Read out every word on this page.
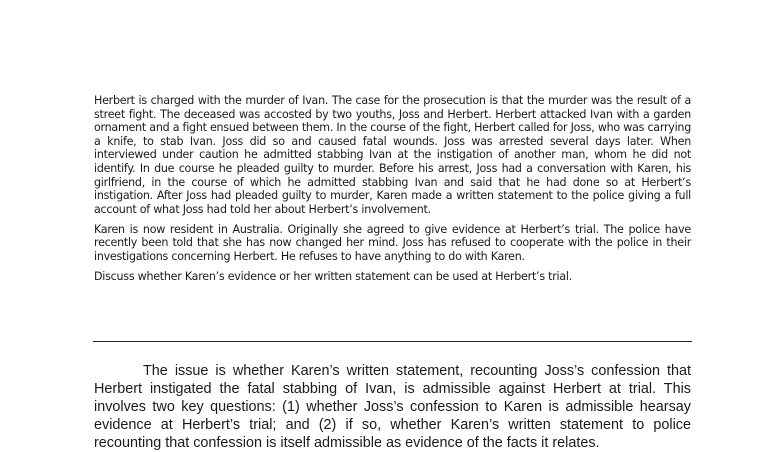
Herbert is charged with the murder of Ivan. The case for the prosecution is that the murder was the result of a street fight. The deceased was accosted by two youths, Joss and Herbert. Herbert attacked Ivan with a garden ornament and a fight ensued between them. In the course of the fight, Herbert called for Joss, who was carrying a knife, to stab Ivan. Joss did so and caused fatal wounds. Joss was arrested several days later. When interviewed under caution he admitted stabbing Ivan at the instigation of another man, whom he did not identify. In due course he pleaded guilty to murder. Before his arrest, Joss had a conversation with Karen, his girlfriend, in the course of which he admitted stabbing Ivan and said that he had done so at Herbert’s instigation. After Joss had pleaded guilty to murder, Karen made a written statement to the police giving a full account of what Joss had told her about Herbert’s involvement.

Karen is now resident in Australia. Originally she agreed to give evidence at Herbert’s trial. The police have recently been told that she has now changed her mind. Joss has refused to cooperate with the police in their investigations concerning Herbert. He refuses to have anything to do with Karen.

Discuss whether Karen’s evidence or her written statement can be used at Herbert’s trial.

The issue is whether Karen’s written statement, recounting Joss’s confession that Herbert instigated the fatal stabbing of Ivan, is admissible against Herbert at trial. This involves two key questions: (1) whether Joss’s confession to Karen is admissible hearsay evidence at Herbert’s trial; and (2) if so, whether Karen’s written statement to police recounting that confession is itself admissible as evidence of the facts it relates.
